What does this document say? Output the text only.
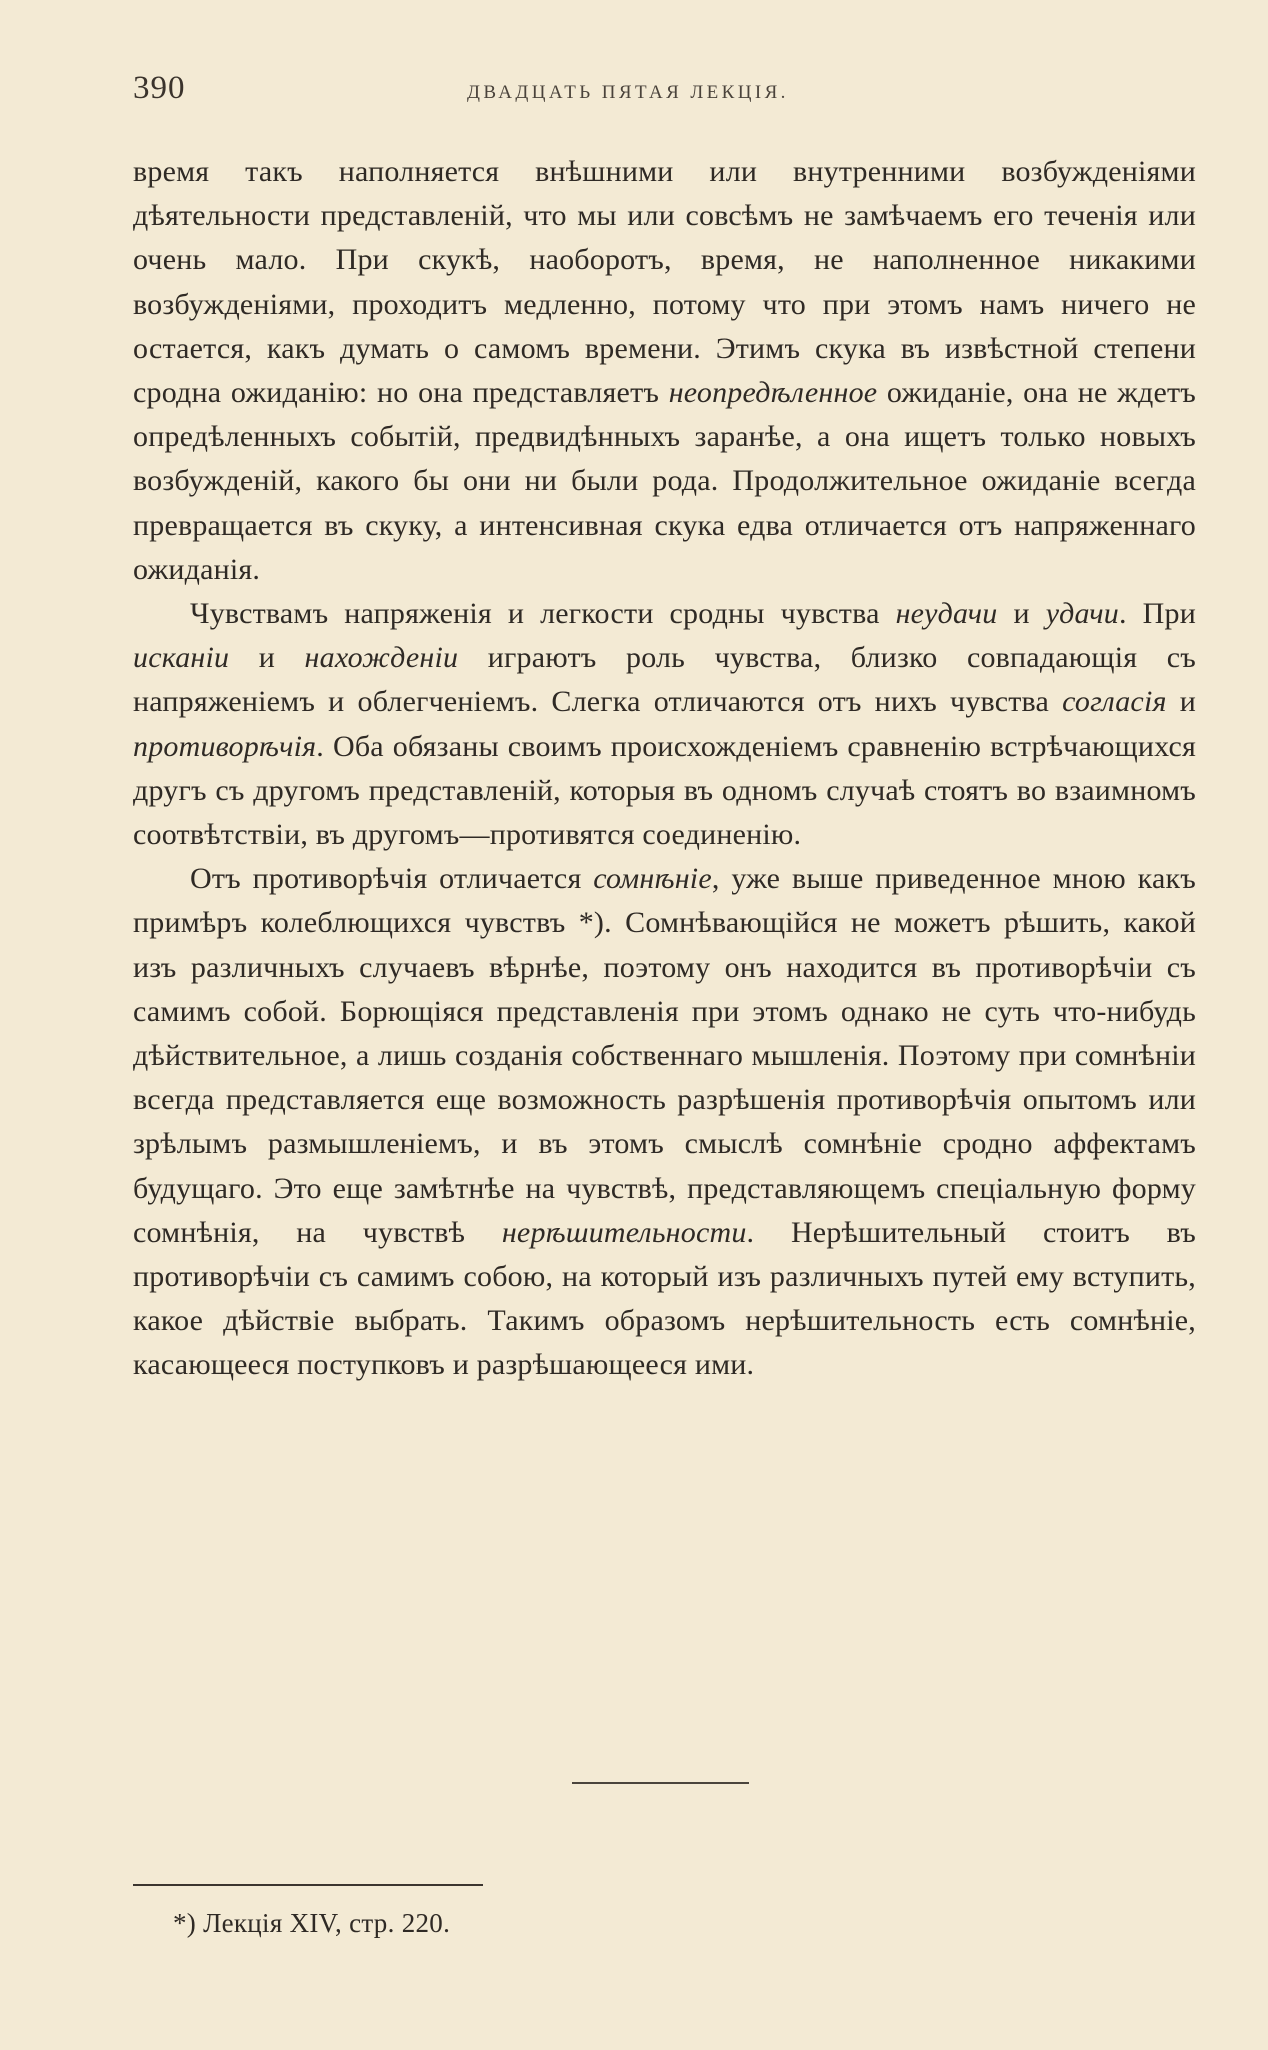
390	ДВАДЦАТЬ ПЯТАЯ ЛЕКЦІЯ.

время такъ наполняется внѣшними или внутренними возбужденіями дѣятельности представленій, что мы или совсѣмъ не замѣчаемъ его теченія или очень мало. При скукѣ, наоборотъ, время, не наполненное никакими возбужденіями, проходитъ медленно, потому что при этомъ намъ ничего не остается, какъ думать о самомъ времени. Этимъ скука въ извѣстной степени сродна ожиданію: но она представляетъ неопредѣленное ожиданіе, она не ждетъ опредѣленныхъ событій, предвидѣнныхъ заранѣе, а она ищетъ только новыхъ возбужденій, какого бы они ни были рода. Продолжительное ожиданіе всегда превращается въ скуку, а интенсивная скука едва отличается отъ напряженнаго ожиданія.

Чувствамъ напряженія и легкости сродны чувства неудачи и удачи. При исканіи и нахожденіи играютъ роль чувства, близко совпадающія съ напряженіемъ и облегченіемъ. Слегка отличаются отъ нихъ чувства согласія и противорѣчія. Оба обязаны своимъ происхожденіемъ сравненію встрѣчающихся другъ съ другомъ представленій, которыя въ одномъ случаѣ стоятъ во взаимномъ соотвѣтствіи, въ другомъ—противятся соединенію.

Отъ противорѣчія отличается сомнѣніе, уже выше приведенное мною какъ примѣръ колеблющихся чувствъ *). Сомнѣвающійся не можетъ рѣшить, какой изъ различныхъ случаевъ вѣрнѣе, поэтому онъ находится въ противорѣчіи съ самимъ собой. Борющіяся представленія при этомъ однако не суть что-нибудь дѣйствительное, а лишь созданія собственнаго мышленія. Поэтому при сомнѣніи всегда представляется еще возможность разрѣшенія противорѣчія опытомъ или зрѣлымъ размышленіемъ, и въ этомъ смыслѣ сомнѣніе сродно аффектамъ будущаго. Это еще замѣтнѣе на чувствѣ, представляющемъ спеціальную форму сомнѣнія, на чувствѣ нерѣшительности. Нерѣшительный стоитъ въ противорѣчіи съ самимъ собою, на который изъ различныхъ путей ему вступить, какое дѣйствіе выбрать. Такимъ образомъ нерѣшительность есть сомнѣніе, касающееся поступковъ и разрѣшающееся ими.

*) Лекція XIV, стр. 220.
